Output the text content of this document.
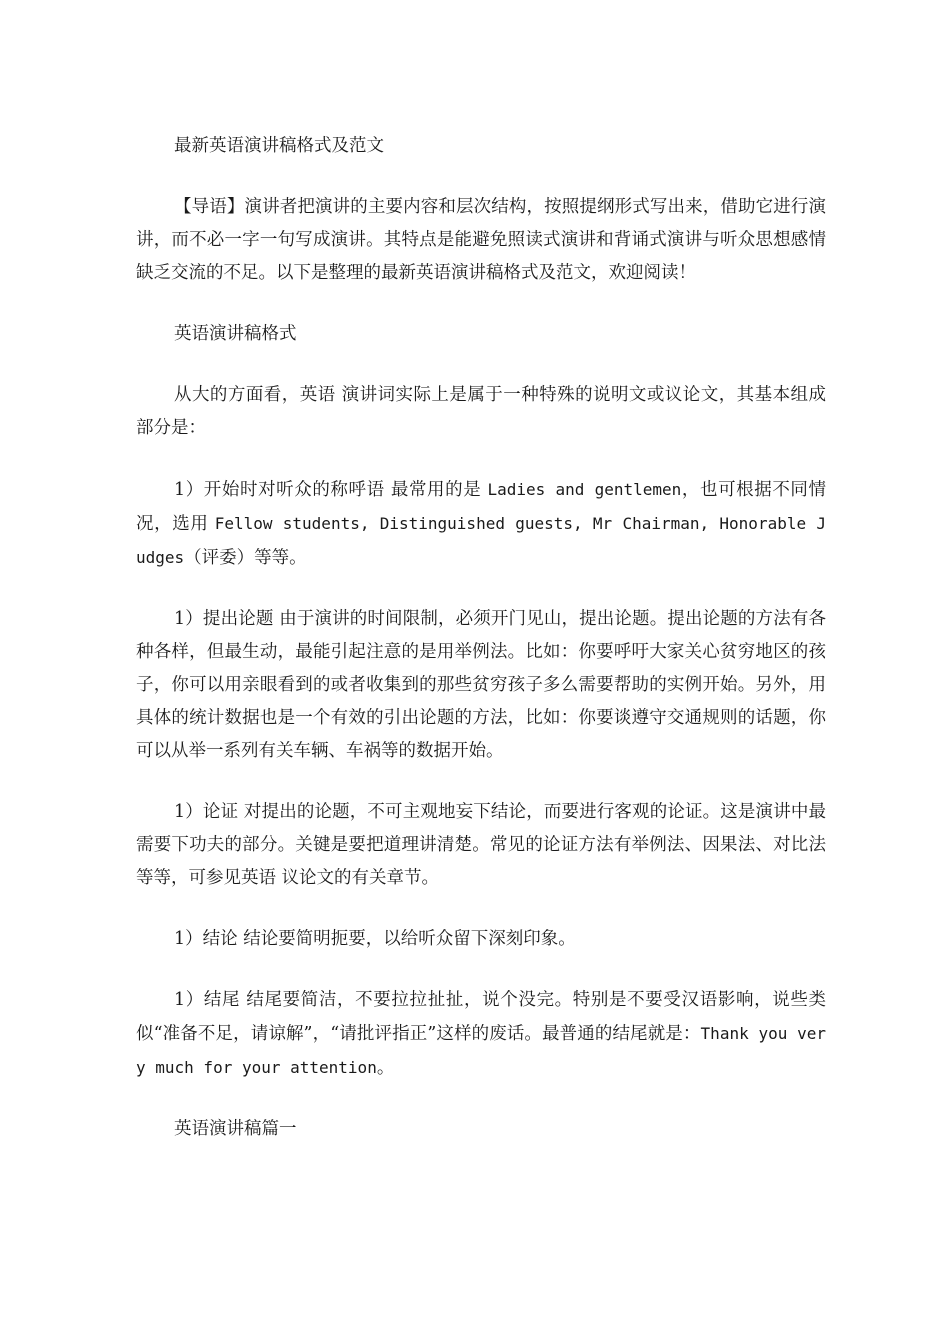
最新英语演讲稿格式及范文

【导语】演讲者把演讲的主要内容和层次结构，按照提纲形式写出来，借助它进行演讲，而不必一字一句写成演讲。其特点是能避免照读式演讲和背诵式演讲与听众思想感情缺乏交流的不足。以下是整理的最新英语演讲稿格式及范文，欢迎阅读！

英语演讲稿格式

从大的方面看，英语 演讲词实际上是属于一种特殊的说明文或议论文，其基本组成部分是：

1）开始时对听众的称呼语 最常用的是 Ladies and gentlemen，也可根据不同情况，选用 Fellow students, Distinguished guests, Mr Chairman, Honorable Judges（评委）等等。

1）提出论题 由于演讲的时间限制，必须开门见山，提出论题。提出论题的方法有各种各样，但最生动，最能引起注意的是用举例法。比如：你要呼吁大家关心贫穷地区的孩子，你可以用亲眼看到的或者收集到的那些贫穷孩子多么需要帮助的实例开始。另外，用具体的统计数据也是一个有效的引出论题的方法，比如：你要谈遵守交通规则的话题，你可以从举一系列有关车辆、车祸等的数据开始。

1）论证 对提出的论题，不可主观地妄下结论，而要进行客观的论证。这是演讲中最需要下功夫的部分。关键是要把道理讲清楚。常见的论证方法有举例法、因果法、对比法等等，可参见英语 议论文的有关章节。

1）结论 结论要简明扼要，以给听众留下深刻印象。

1）结尾 结尾要简洁，不要拉拉扯扯，说个没完。特别是不要受汉语影响，说些类似“准备不足，请谅解”，“请批评指正”这样的废话。最普通的结尾就是：Thank you very much for your attention。

英语演讲稿篇一
